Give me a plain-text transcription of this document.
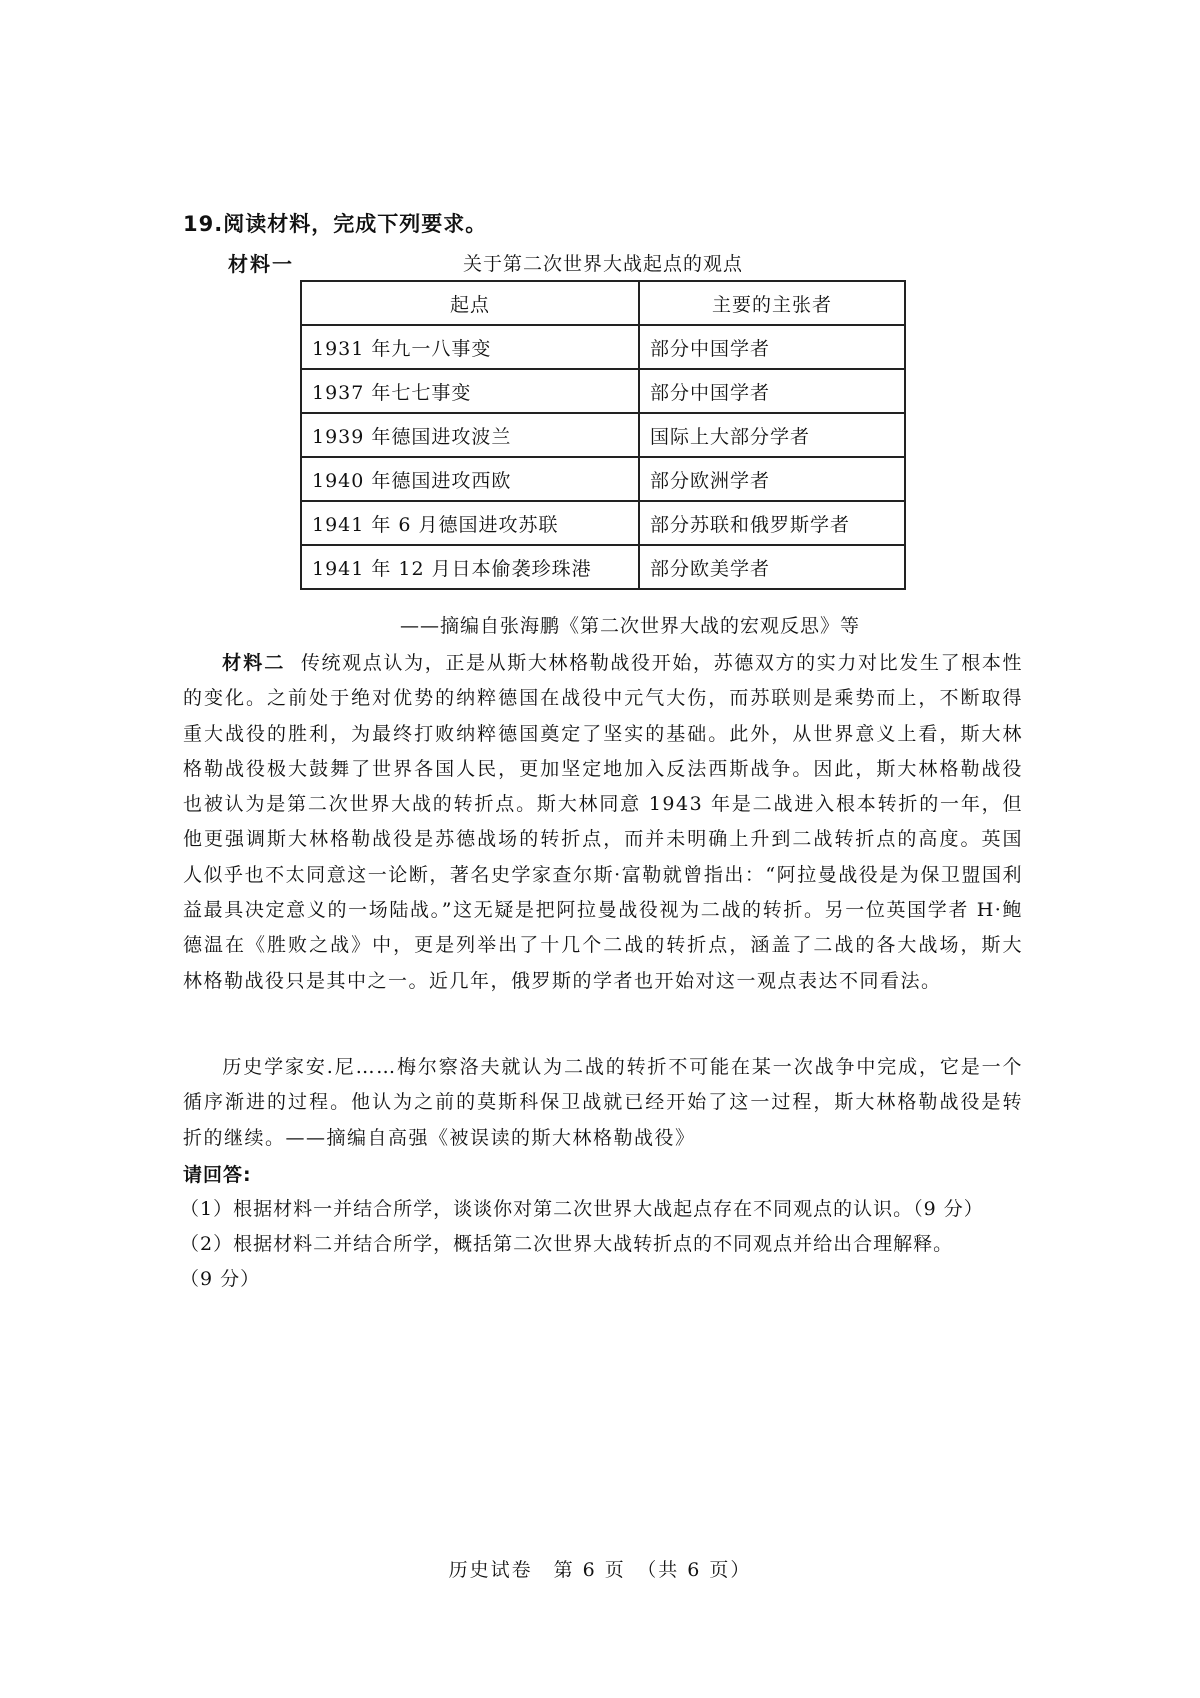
19.阅读材料，完成下列要求。
材料一	关于第二次世界大战起点的观点
起点	主要的主张者
1931 年九一八事变	部分中国学者
1937 年七七事变	部分中国学者
1939 年德国进攻波兰	国际上大部分学者
1940 年德国进攻西欧	部分欧洲学者
1941 年 6 月德国进攻苏联	部分苏联和俄罗斯学者
1941 年 12 月日本偷袭珍珠港	部分欧美学者
——摘编自张海鹏《第二次世界大战的宏观反思》等
材料二 传统观点认为，正是从斯大林格勒战役开始，苏德双方的实力对比发生了根本性的变化。之前处于绝对优势的纳粹德国在战役中元气大伤，而苏联则是乘势而上，不断取得重大战役的胜利，为最终打败纳粹德国奠定了坚实的基础。此外，从世界意义上看，斯大林格勒战役极大鼓舞了世界各国人民，更加坚定地加入反法西斯战争。因此，斯大林格勒战役也被认为是第二次世界大战的转折点。斯大林同意 1943 年是二战进入根本转折的一年，但他更强调斯大林格勒战役是苏德战场的转折点，而并未明确上升到二战转折点的高度。英国人似乎也不太同意这一论断，著名史学家查尔斯·富勒就曾指出：“阿拉曼战役是为保卫盟国利益最具决定意义的一场陆战。”这无疑是把阿拉曼战役视为二战的转折。另一位英国学者 H·鲍德温在《胜败之战》中，更是列举出了十几个二战的转折点，涵盖了二战的各大战场，斯大林格勒战役只是其中之一。近几年，俄罗斯的学者也开始对这一观点表达不同看法。
历史学家安.尼……梅尔察洛夫就认为二战的转折不可能在某一次战争中完成，它是一个循序渐进的过程。他认为之前的莫斯科保卫战就已经开始了这一过程，斯大林格勒战役是转折的继续。——摘编自高强《被误读的斯大林格勒战役》
请回答:
（1）根据材料一并结合所学，谈谈你对第二次世界大战起点存在不同观点的认识。（9 分）
（2）根据材料二并结合所学，概括第二次世界大战转折点的不同观点并给出合理解释。
（9 分）
历史试卷　第 6 页　（共 6 页）
